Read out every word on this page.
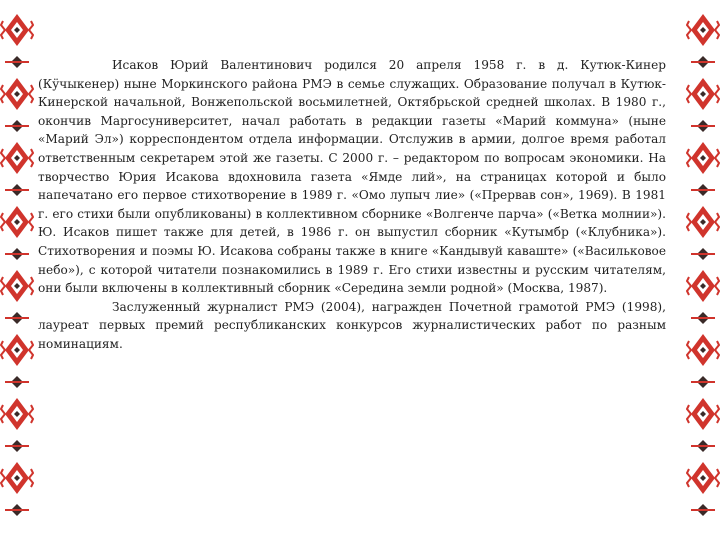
Исаков Юрий Валентинович родился 20 апреля 1958 г. в д. Кутюк-Кинер (Кӱчыкенер) ныне Моркинского района РМЭ в семье служащих. Образование получал в Кутюк-Кинерской начальной, Вонжепольской восьмилетней, Октябрьской средней школах. В 1980 г., окончив Маргосуниверситет, начал работать в редакции газеты «Марий коммуна» (ныне «Марий Эл») корреспондентом отдела информации. Отслужив в армии, долгое время работал ответственным секретарем этой же газеты. С 2000 г. – редактором по вопросам экономики. На творчество Юрия Исакова вдохновила газета «Ямде лий», на страницах которой и было напечатано его первое стихотворение в 1989 г. «Омо лупыч лие» («Прервав сон», 1969). В 1981 г. его стихи были опубликованы) в коллективном сборнике «Волгенче парча» («Ветка молнии»). Ю. Исаков пишет также для детей, в 1986 г. он выпустил сборник «Кутымбр («Клубника»). Стихотворения и поэмы Ю. Исакова собраны также в книге «Кандывуй каваште» («Васильковое небо»), с которой читатели познакомились в 1989 г. Его стихи известны и русским читателям, они были включены в коллективный сборник «Середина земли родной» (Москва, 1987).

Заслуженный журналист РМЭ (2004), награжден Почетной грамотой РМЭ (1998), лауреат первых премий республиканских конкурсов журналистических работ по разным номинациям.
